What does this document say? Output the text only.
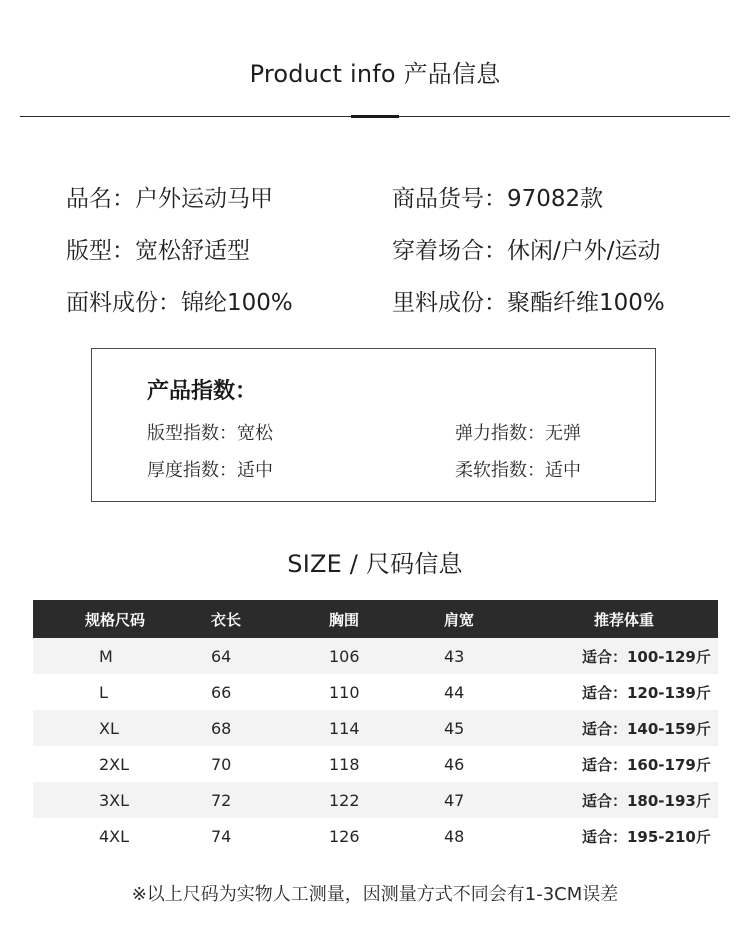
Product info 产品信息
品名：户外运动马甲	商品货号：97082款
版型：宽松舒适型	穿着场合：休闲/户外/运动
面料成份：锦纶100%	里料成份：聚酯纤维100%
产品指数：
版型指数：宽松	弹力指数：无弹
厚度指数：适中	柔软指数：适中
SIZE / 尺码信息
规格尺码	衣长	胸围	肩宽	推荐体重
M	64	106	43	适合：100-129斤
L	66	110	44	适合：120-139斤
XL	68	114	45	适合：140-159斤
2XL	70	118	46	适合：160-179斤
3XL	72	122	47	适合：180-193斤
4XL	74	126	48	适合：195-210斤
※以上尺码为实物人工测量，因测量方式不同会有1-3CM误差
